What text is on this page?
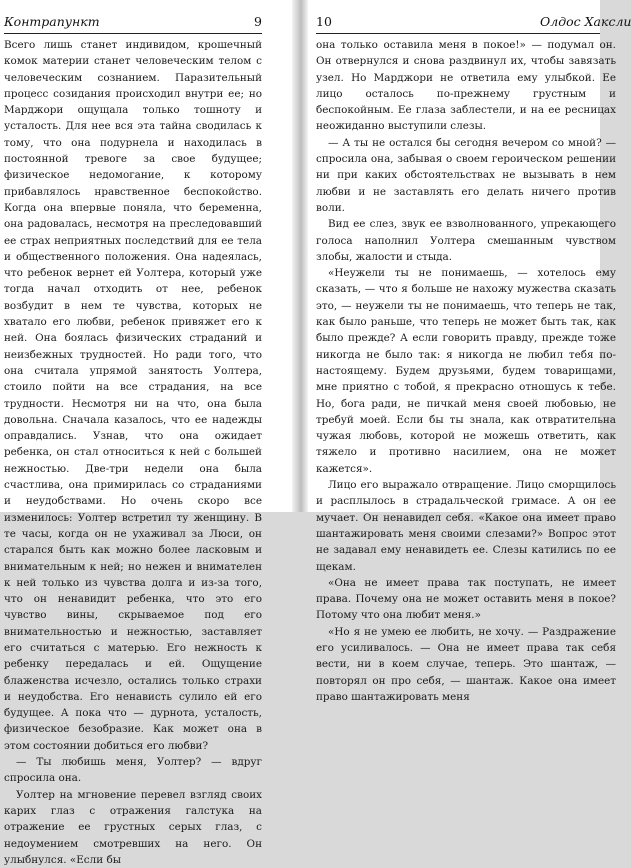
Контрапункт	9

Всего лишь станет индивидом, крошечный комок материи станет человеческим телом с человеческим сознанием. Паразительный процесс созидания происходил внутри ее; но Марджори ощущала только тошноту и усталость. Для нее вся эта тайна сводилась к тому, что она подурнела и находилась в постоянной тревоге за свое будущее; физическое недомогание, к которому прибавлялось нравственное беспокойство. Когда она впервые поняла, что беременна, она радовалась, несмотря на преследовавший ее страх неприятных последствий для ее тела и общественного положения. Она надеялась, что ребенок вернет ей Уолтера, который уже тогда начал отходить от нее, ребенок возбудит в нем те чувства, которых не хватало его любви, ребенок привяжет его к ней. Она боялась физических страданий и неизбежных трудностей. Но ради того, что она считала упрямой занятость Уолтера, стоило пойти на все страдания, на все трудности. Несмотря ни на что, она была довольна. Сначала казалось, что ее надежды оправдались. Узнав, что она ожидает ребенка, он стал относиться к ней с большей нежностью. Две-три недели она была счастлива, она примирилась со страданиями и неудобствами. Но очень скоро все изменилось: Уолтер встретил ту женщину. В те часы, когда он не ухаживал за Люси, он старался быть как можно более ласковым и внимательным к ней; но нежен и внимателен к ней только из чувства долга и из-за того, что он ненавидит ребенка, что это его чувство вины, скрываемое под его внимательностью и нежностью, заставляет его считаться с матерью. Его нежность к ребенку передалась и ей. Ощущение блаженства исчезло, остались только страхи и неудобства. Его ненависть сулило ей его будущее. А пока что — дурнота, усталость, физическое безобразие. Как может она в этом состоянии добиться его любви?

— Ты любишь меня, Уолтер? — вдруг спросила она.

Уолтер на мгновение перевел взгляд своих карих глаз с отражения галстука на отражение ее грустных серых глаз, с недоумением смотревших на него. Он улыбнулся. «Если бы

10	Олдос Хаксли

она только оставила меня в покое!» — подумал он. Он отвернулся и снова раздвинул их, чтобы завязать узел. Но Марджори не ответила ему улыбкой. Ее лицо осталось по-прежнему грустным и беспокойным. Ее глаза заблестели, и на ее ресницах неожиданно выступили слезы.

— А ты не остался бы сегодня вечером со мной? — спросила она, забывая о своем героическом решении ни при каких обстоятельствах не вызывать в нем любви и не заставлять его делать ничего против воли.

Вид ее слез, звук ее взволнованного, упрекающего голоса наполнил Уолтера смешанным чувством злобы, жалости и стыда.

«Неужели ты не понимаешь, — хотелось ему сказать, — что я больше не нахожу мужества сказать это, — неужели ты не понимаешь, что теперь не так, как было раньше, что теперь не может быть так, как было прежде? А если говорить правду, прежде тоже никогда не было так: я никогда не любил тебя по-настоящему. Будем друзьями, будем товарищами, мне приятно с тобой, я прекрасно отношусь к тебе. Но, бога ради, не пичкай меня своей любовью, не требуй моей. Если бы ты знала, как отвратительна чужая любовь, которой не можешь ответить, как тяжело и противно насилием, она не может кажется».

Лицо его выражало отвращение. Лицо сморщилось и расплылось в страдальческой гримасе. А он ее мучает. Он ненавидел себя. «Какое она имеет право шантажировать меня своими слезами?» Вопрос этот не задавал ему ненавидеть ее. Слезы катились по ее щекам.

«Она не имеет права так поступать, не имеет права. Почему она не может оставить меня в покое? Потому что она любит меня.»

«Но я не умею ее любить, не хочу. — Раздражение его усиливалось. — Она не имеет права так себя вести, ни в коем случае, теперь. Это шантаж, — повторял он про себя, — шантаж. Какое она имеет право шантажировать меня
